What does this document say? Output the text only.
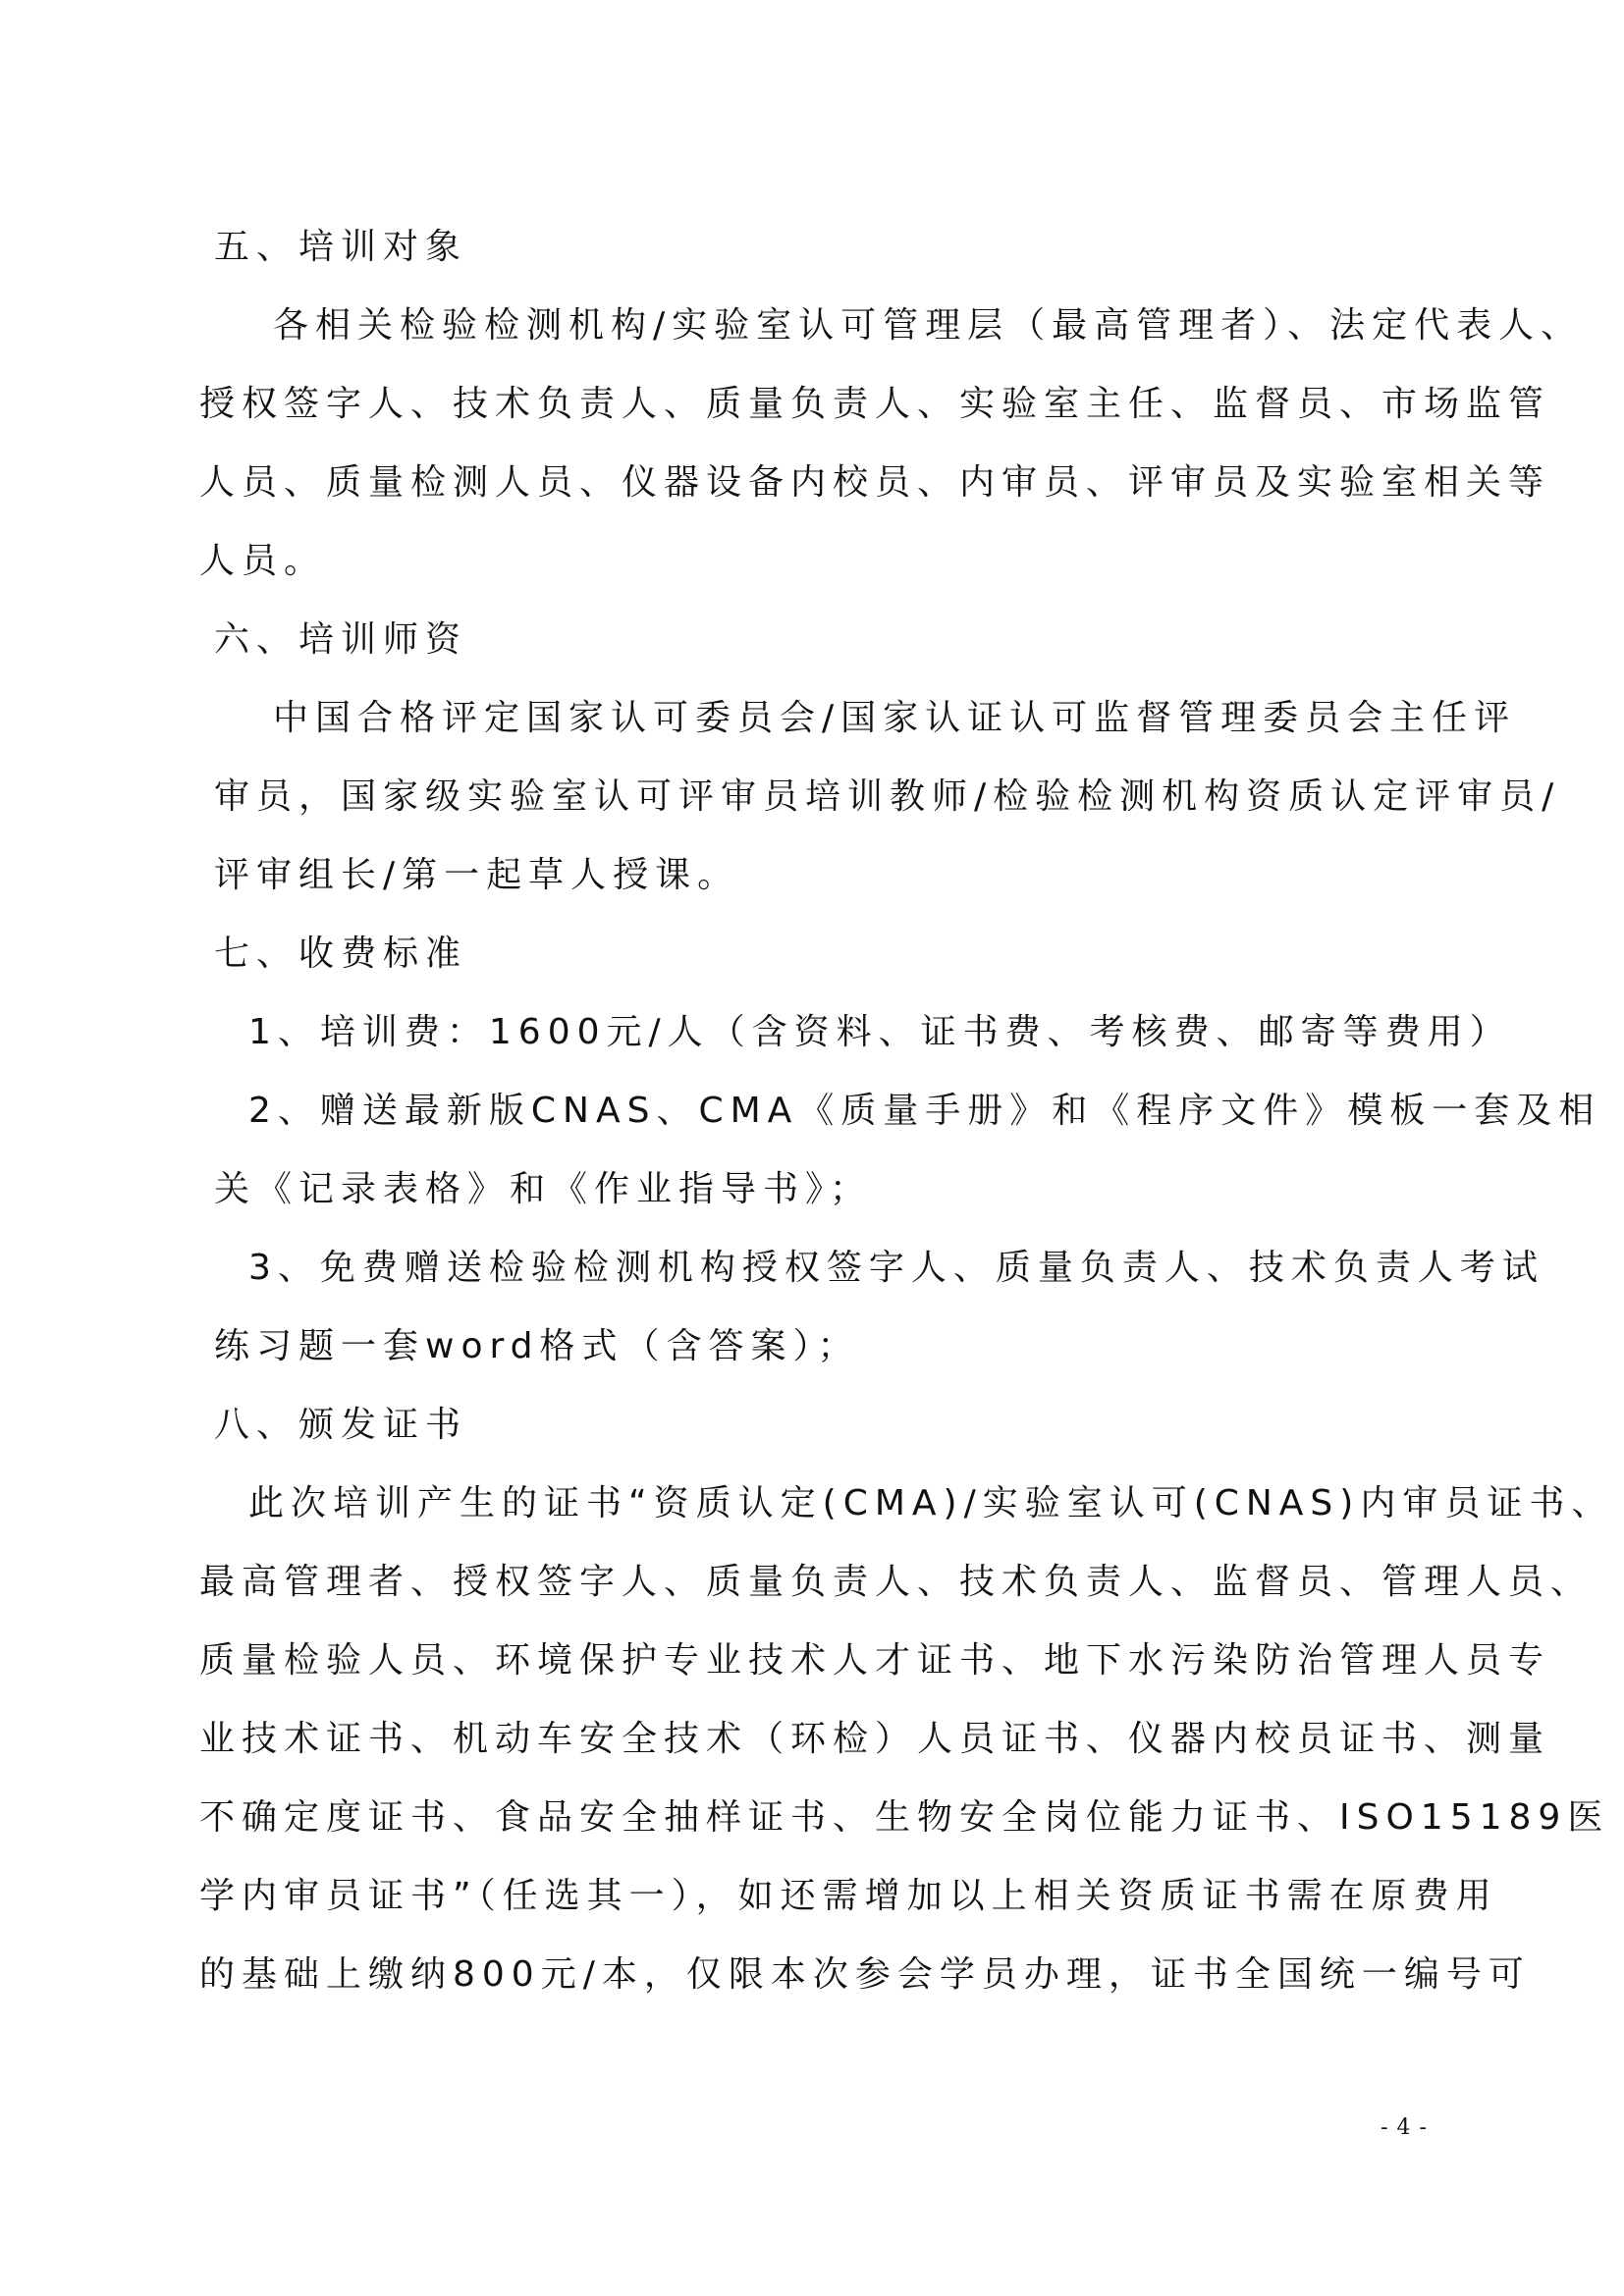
五、培训对象
各相关检验检测机构/实验室认可管理层（最高管理者）、法定代表人、
授权签字人、技术负责人、质量负责人、实验室主任、监督员、市场监管
人员、质量检测人员、仪器设备内校员、内审员、评审员及实验室相关等
人员。
六、培训师资
中国合格评定国家认可委员会/国家认证认可监督管理委员会主任评
审员，国家级实验室认可评审员培训教师/检验检测机构资质认定评审员/
评审组长/第一起草人授课。
七、收费标准
1、培训费：1600元/人（含资料、证书费、考核费、邮寄等费用）
2、赠送最新版CNAS、CMA《质量手册》和《程序文件》模板一套及相
关《记录表格》和《作业指导书》；
3、免费赠送检验检测机构授权签字人、质量负责人、技术负责人考试
练习题一套word格式（含答案）；
八、颁发证书
此次培训产生的证书“资质认定(CMA)/实验室认可(CNAS)内审员证书、
最高管理者、授权签字人、质量负责人、技术负责人、监督员、管理人员、
质量检验人员、环境保护专业技术人才证书、地下水污染防治管理人员专
业技术证书、机动车安全技术（环检）人员证书、仪器内校员证书、测量
不确定度证书、食品安全抽样证书、生物安全岗位能力证书、ISO15189医
学内审员证书”（任选其一），如还需增加以上相关资质证书需在原费用
的基础上缴纳800元/本，仅限本次参会学员办理，证书全国统一编号可
- 4 -
